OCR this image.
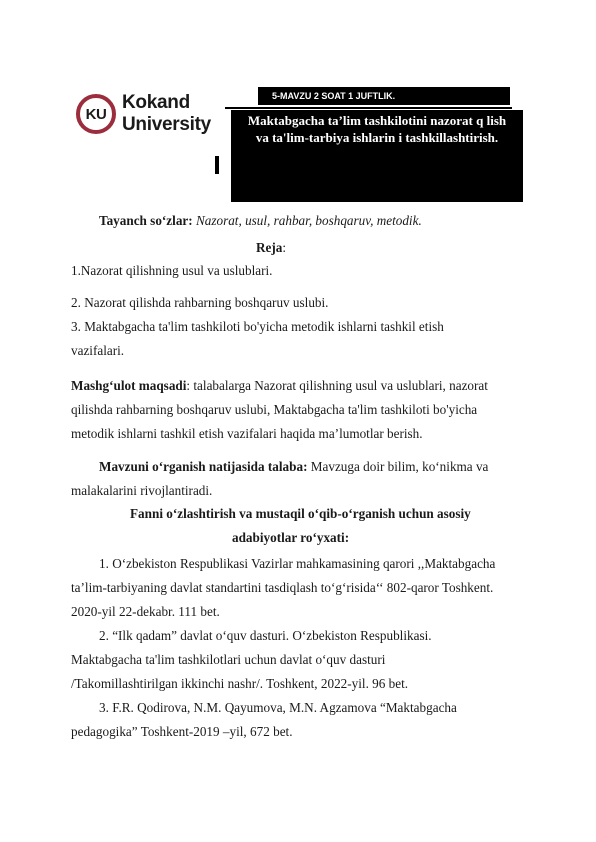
KU
Kokand
University
5-MAVZU 2 SOAT 1 JUFTLIK.
Maktabgacha ta’lim tashkilotini nazorat q lish
va ta'lim-tarbiya ishlarin i tashkillashtirish.
Tayanch soʻzlar: Nazorat, usul, rahbar, boshqaruv, metodik.
Reja:
1.Nazorat qilishning usul va uslublari.
2. Nazorat qilishda rahbarning boshqaruv uslubi.
3. Maktabgacha ta'lim tashkiloti bo'yicha metodik ishlarni tashkil etish
vazifalari.
Mashgʻulot maqsadi: talabalarga Nazorat qilishning usul va uslublari, nazorat
qilishda rahbarning boshqaruv uslubi, Maktabgacha ta'lim tashkiloti bo'yicha
metodik ishlarni tashkil etish vazifalari haqida ma’lumotlar berish.
Mavzuni oʻrganish natijasida talaba: Mavzuga doir bilim, koʻnikma va
malakalarini rivojlantiradi.
Fanni oʻzlashtirish va mustaqil oʻqib-oʻrganish uchun asosiy
adabiyotlar roʻyxati:
1. Oʻzbekiston Respublikasi Vazirlar mahkamasining qarori ,,Maktabgacha
ta’lim-tarbiyaning davlat standartini tasdiqlash toʻgʻrisida‘‘ 802-qaror Toshkent.
2020-yil 22-dekabr. 111 bet.
2. “Ilk qadam” davlat oʻquv dasturi. Oʻzbekiston Respublikasi.
Maktabgacha ta'lim tashkilotlari uchun davlat oʻquv dasturi
/Takomillashtirilgan ikkinchi nashr/. Toshkent, 2022-yil. 96 bet.
3. F.R. Qodirova, N.M. Qayumova, M.N. Agzamova “Maktabgacha
pedagogika” Toshkent-2019 –yil, 672 bet.
